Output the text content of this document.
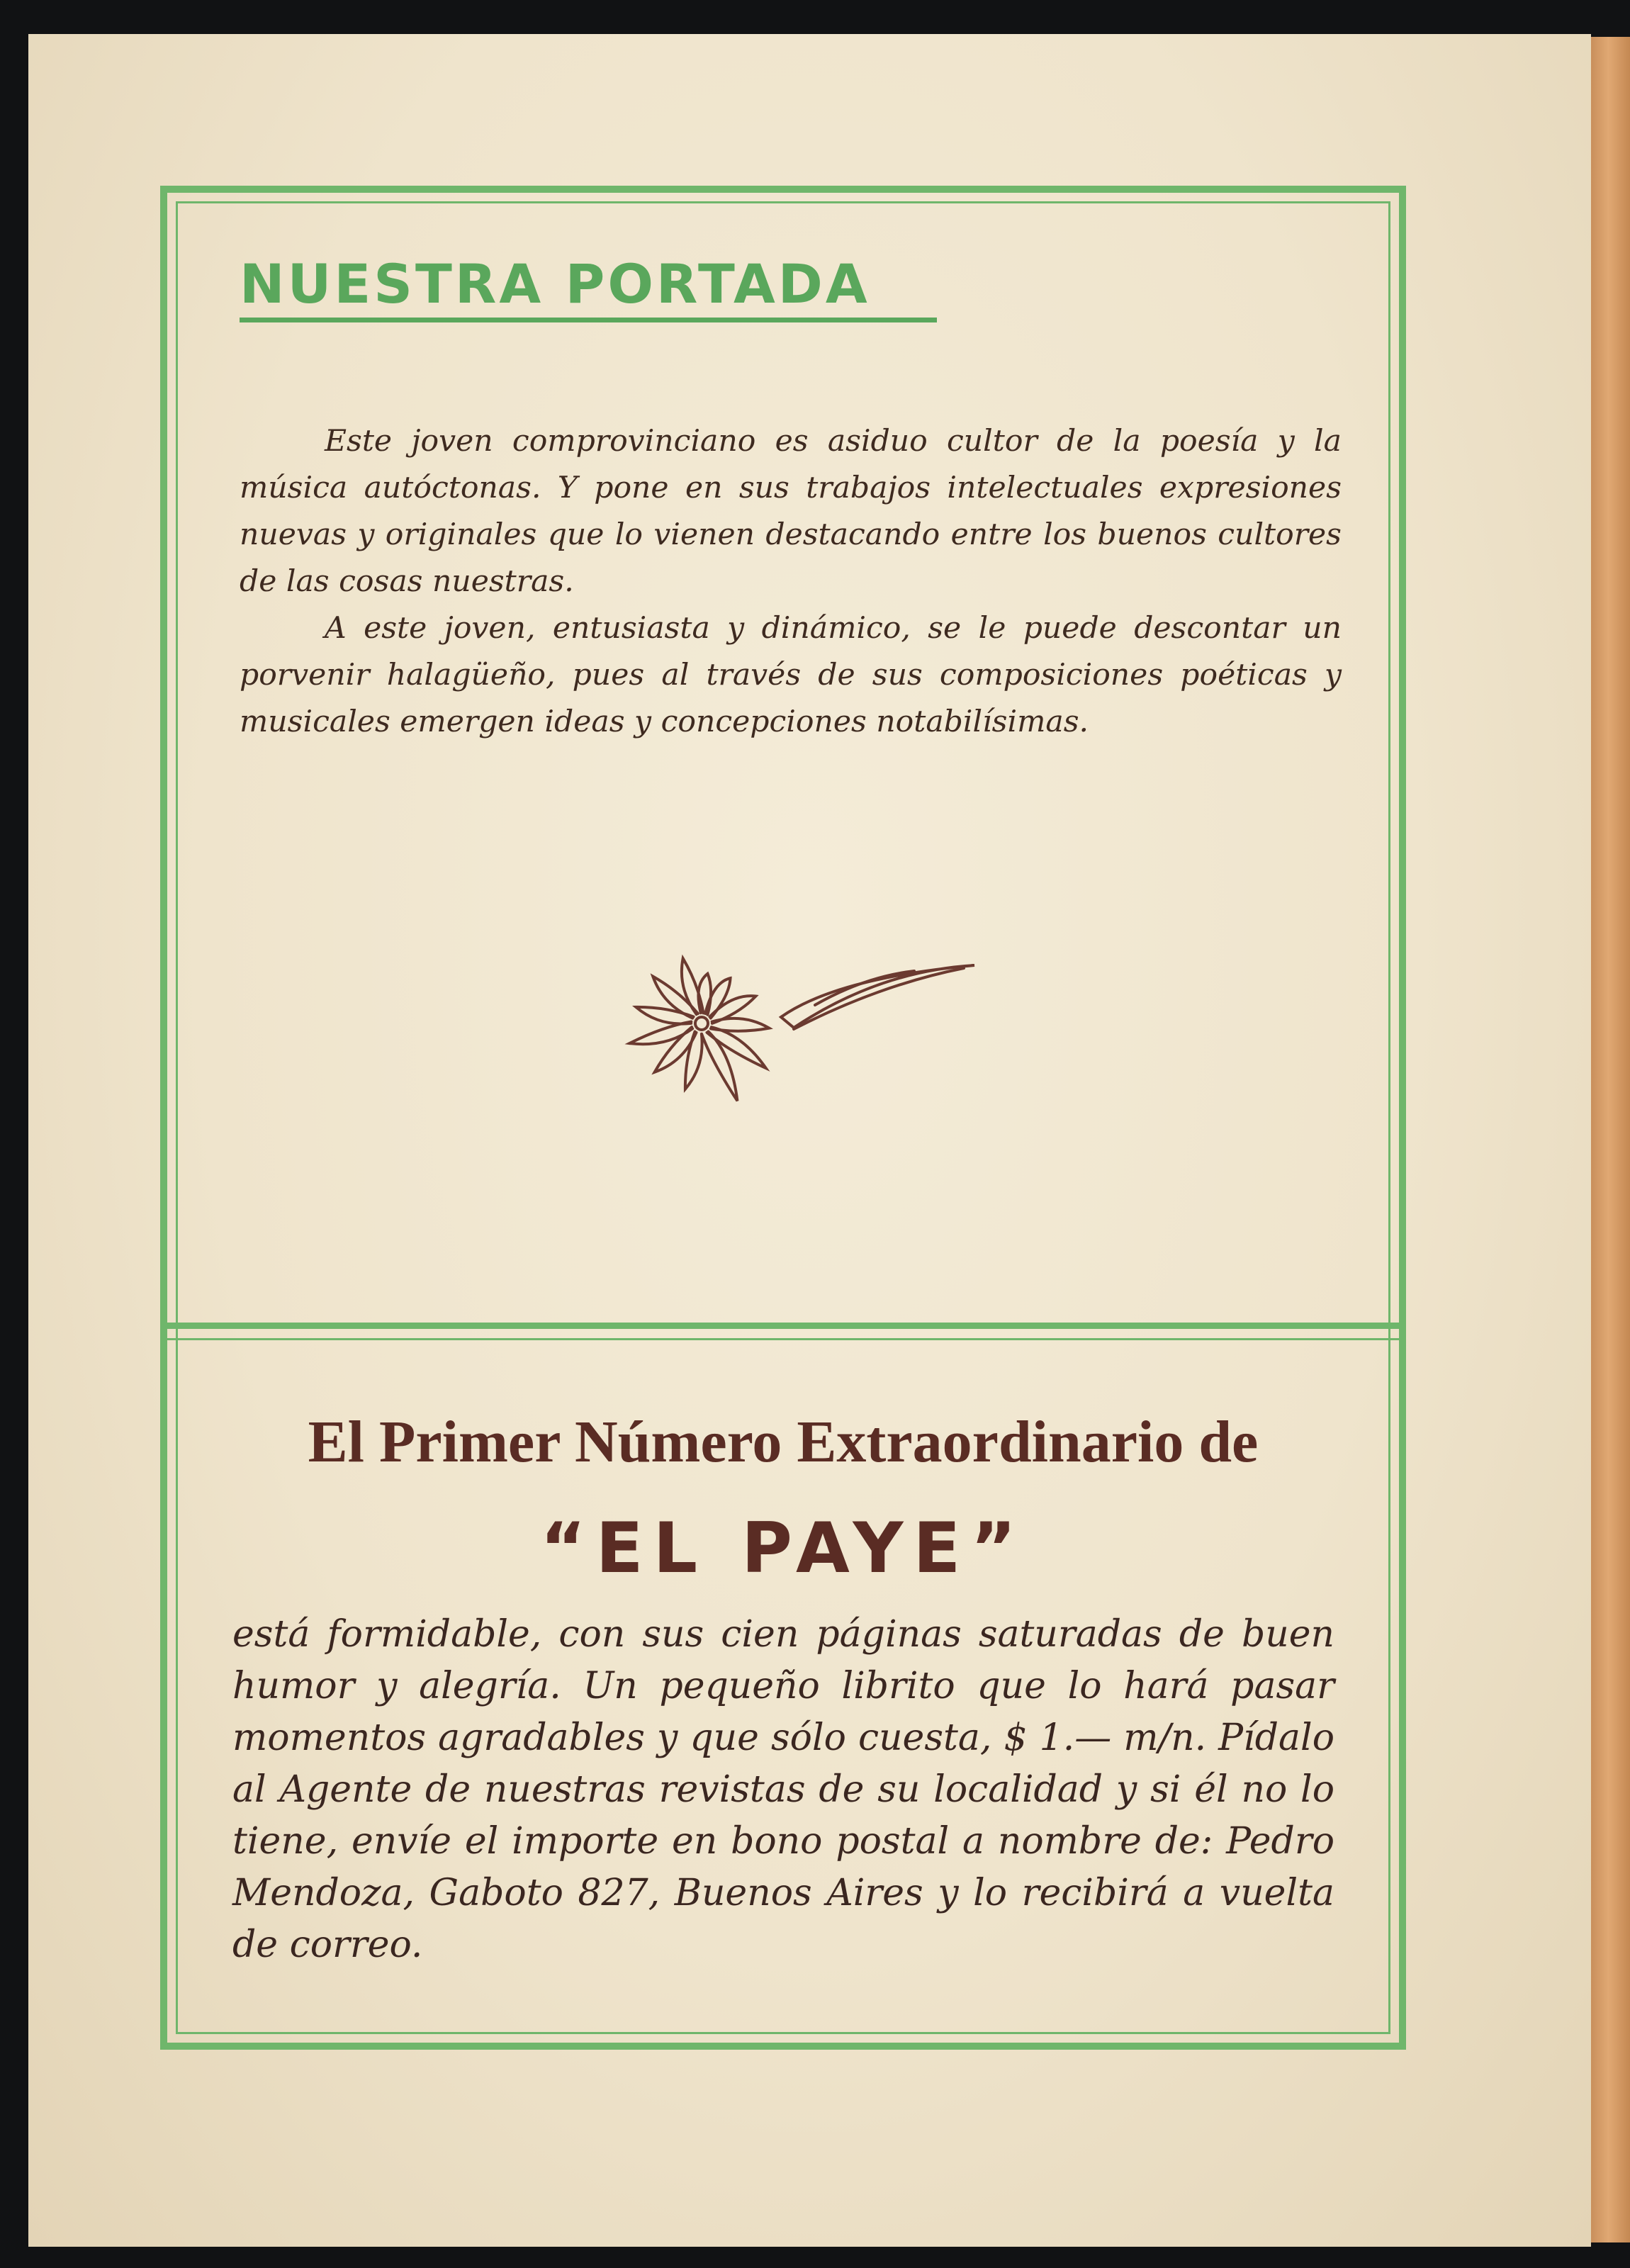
NUESTRA PORTADA

Este joven comprovinciano es asiduo cultor de la poesía y la música autóctonas. Y pone en sus trabajos intelectuales expresiones nuevas y originales que lo vienen destacando entre los buenos cultores de las cosas nuestras.

A este joven, entusiasta y dinámico, se le puede descontar un porvenir halagüeño, pues al través de sus composiciones poéticas y musicales emergen ideas y concepciones notabilísimas.

El Primer Número Extraordinario de
“EL PAYE”

está formidable, con sus cien páginas saturadas de buen humor y alegría. Un pequeño librito que lo hará pasar momentos agradables y que sólo cuesta, $ 1.— m/n. Pídalo al Agente de nuestras revistas de su localidad y si él no lo tiene, envíe el importe en bono postal a nombre de: Pedro Mendoza, Gaboto 827, Buenos Aires y lo recibirá a vuelta de correo.
